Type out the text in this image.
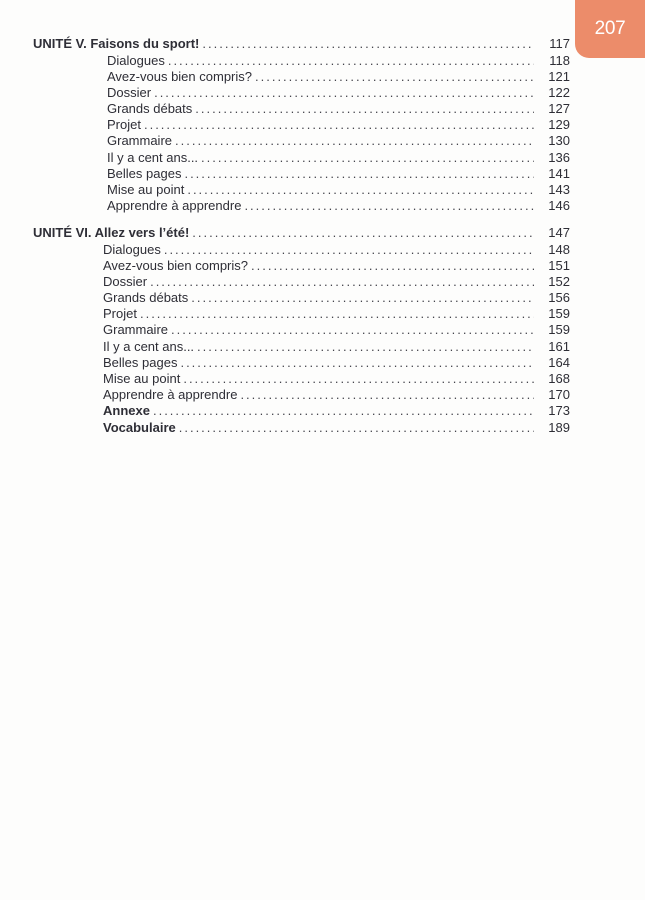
207
UNITÉ V. Faisons du sport! .....	117
Dialogues .....	118
Avez-vous bien compris? .....	121
Dossier .....	122
Grands débats .....	127
Projet .....	129
Grammaire .....	130
Il y a cent ans... .....	136
Belles pages .....	141
Mise au point .....	143
Apprendre à apprendre .....	146
UNITÉ VI. Allez vers l’été! .....	147
Dialogues .....	148
Avez-vous bien compris? .....	151
Dossier .....	152
Grands débats .....	156
Projet .....	159
Grammaire .....	159
Il y a cent ans... .....	161
Belles pages .....	164
Mise au point .....	168
Apprendre à apprendre .....	170
Annexe .....	173
Vocabulaire .....	189
